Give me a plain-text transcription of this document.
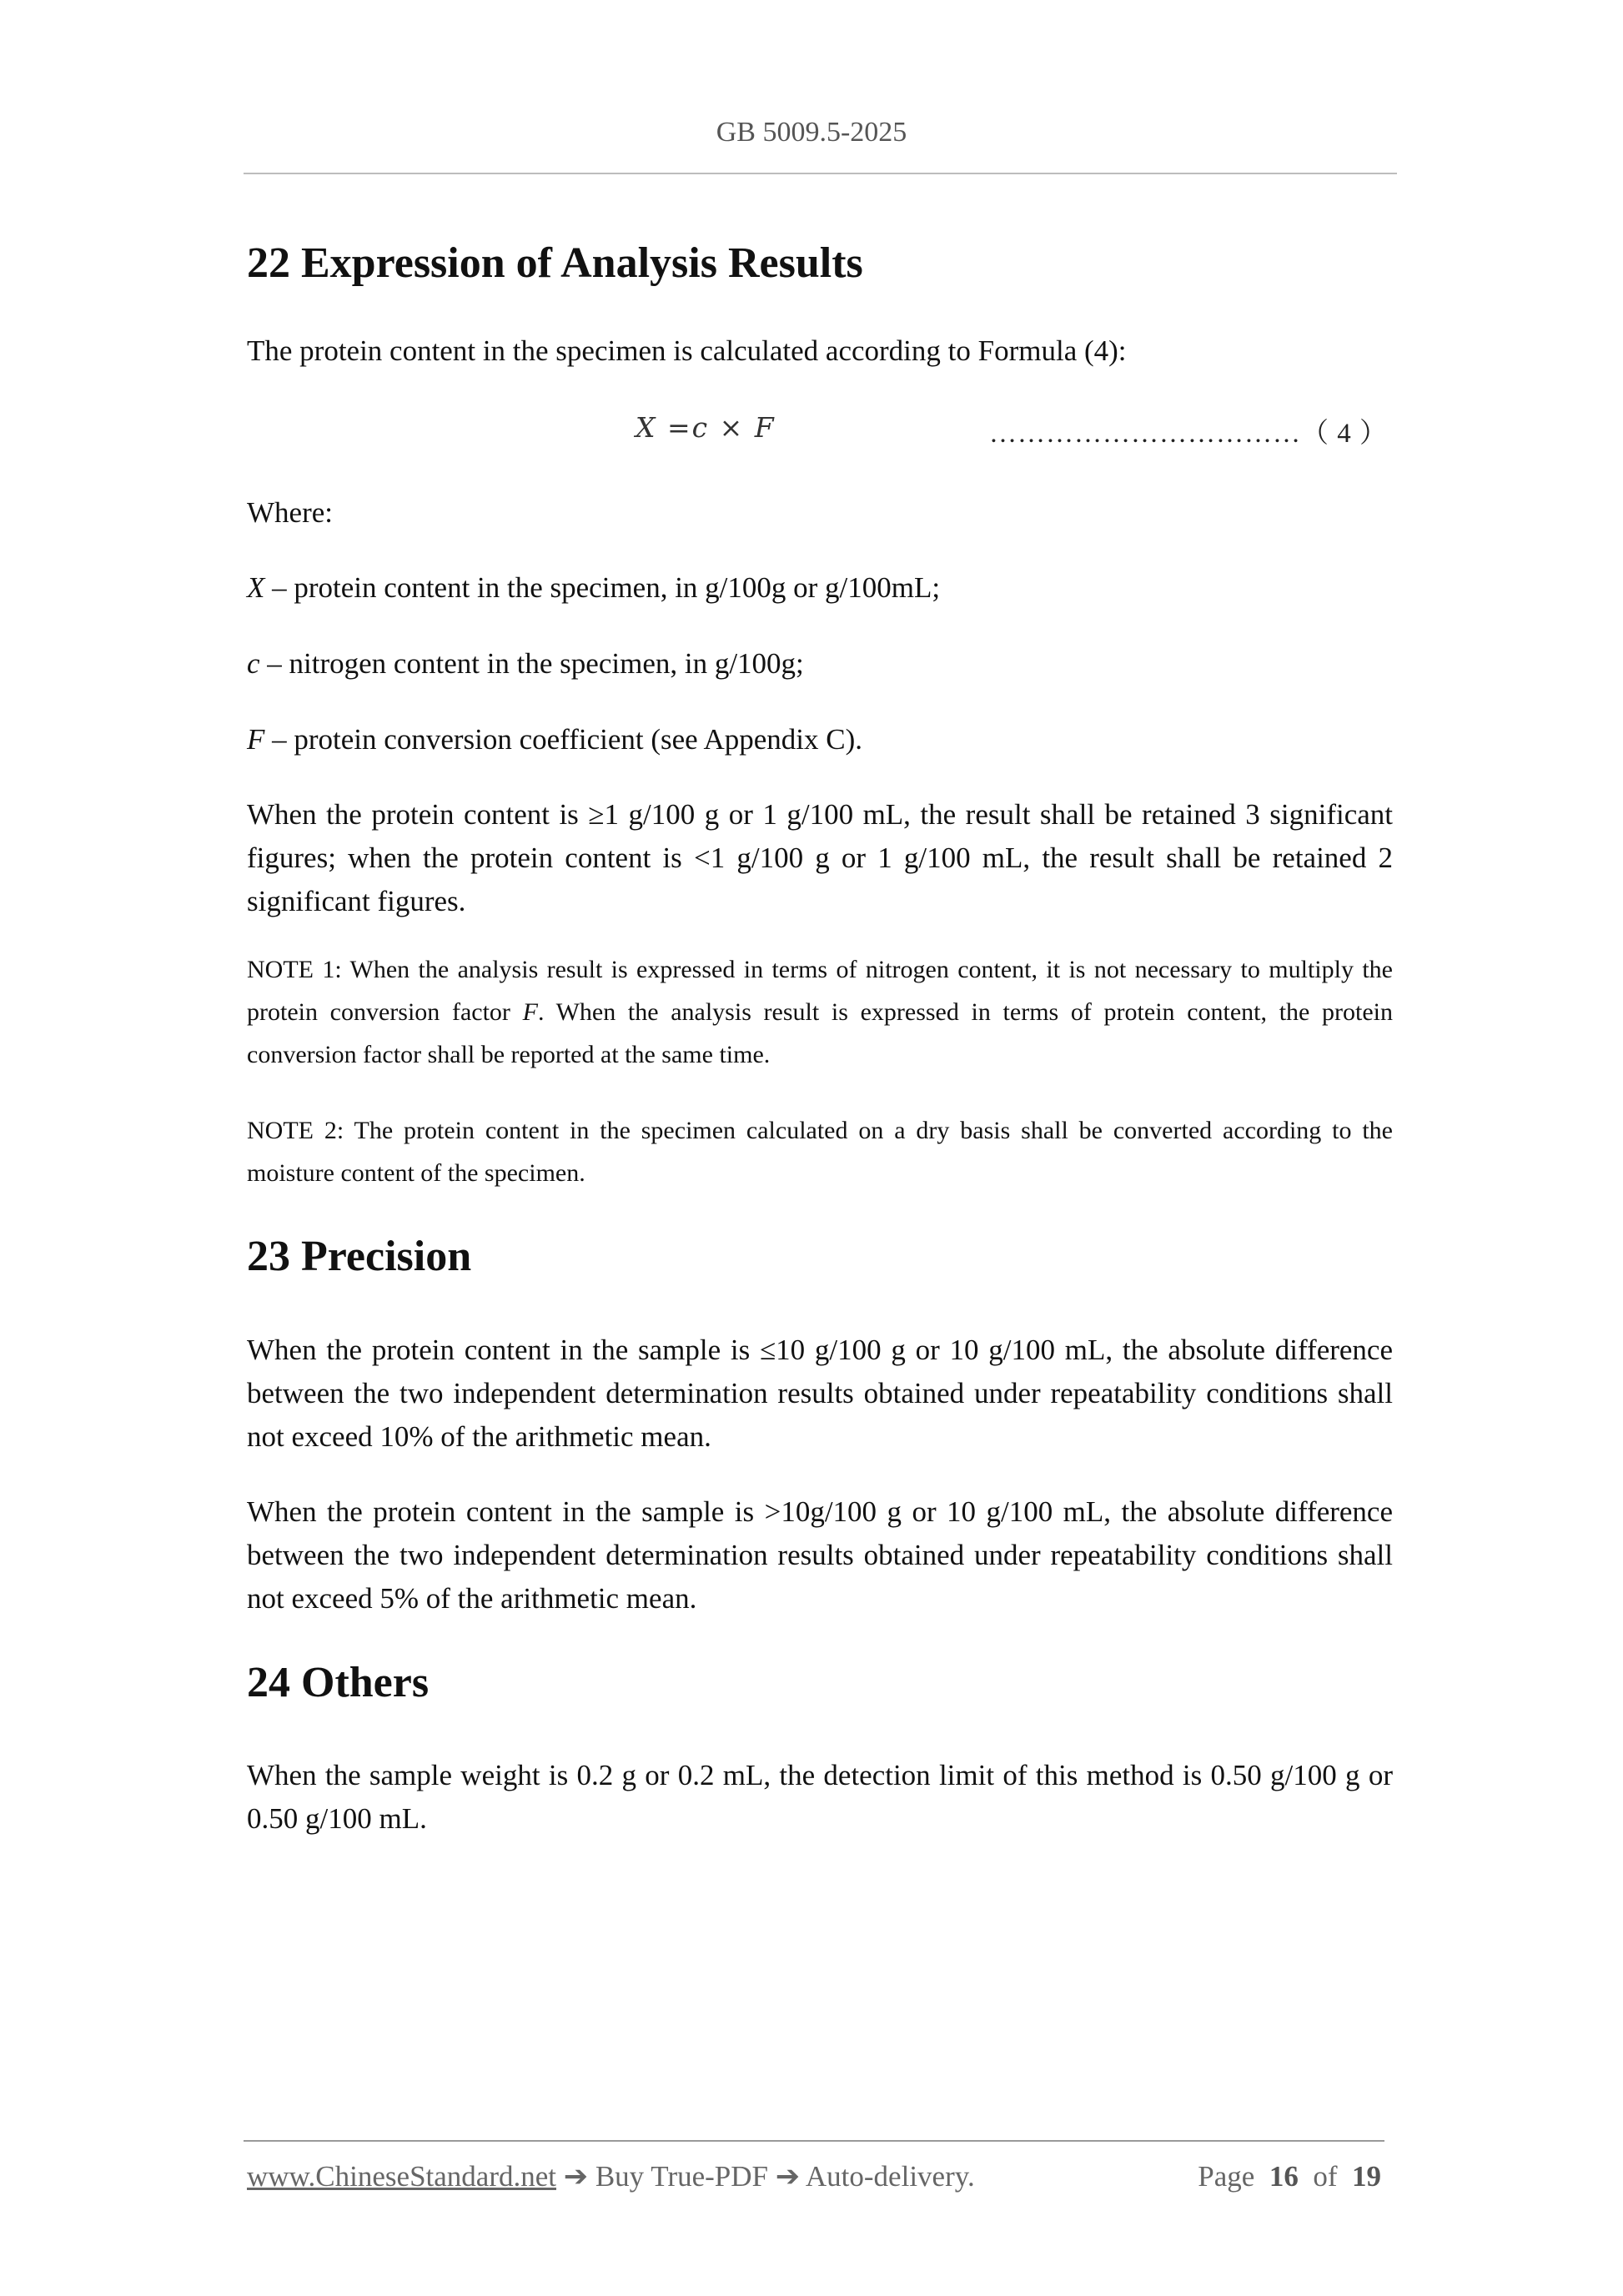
GB 5009.5-2025
22 Expression of Analysis Results

The protein content in the specimen is calculated according to Formula (4):

X =c × F	……………………………（ 4 ）

Where:

X – protein content in the specimen, in g/100g or g/100mL;

c – nitrogen content in the specimen, in g/100g;

F – protein conversion coefficient (see Appendix C).

When the protein content is ≥1 g/100 g or 1 g/100 mL, the result shall be retained 3 significant figures; when the protein content is <1 g/100 g or 1 g/100 mL, the result shall be retained 2 significant figures.

NOTE 1: When the analysis result is expressed in terms of nitrogen content, it is not necessary to multiply the protein conversion factor F. When the analysis result is expressed in terms of protein content, the protein conversion factor shall be reported at the same time.

NOTE 2: The protein content in the specimen calculated on a dry basis shall be converted according to the moisture content of the specimen.

23 Precision

When the protein content in the sample is ≤10 g/100 g or 10 g/100 mL, the absolute difference between the two independent determination results obtained under repeatability conditions shall not exceed 10% of the arithmetic mean.

When the protein content in the sample is >10g/100 g or 10 g/100 mL, the absolute difference between the two independent determination results obtained under repeatability conditions shall not exceed 5% of the arithmetic mean.

24 Others

When the sample weight is 0.2 g or 0.2 mL, the detection limit of this method is 0.50 g/100 g or 0.50 g/100 mL.

www.ChineseStandard.net ➔ Buy True-PDF ➔ Auto-delivery.	Page 16 of 19
